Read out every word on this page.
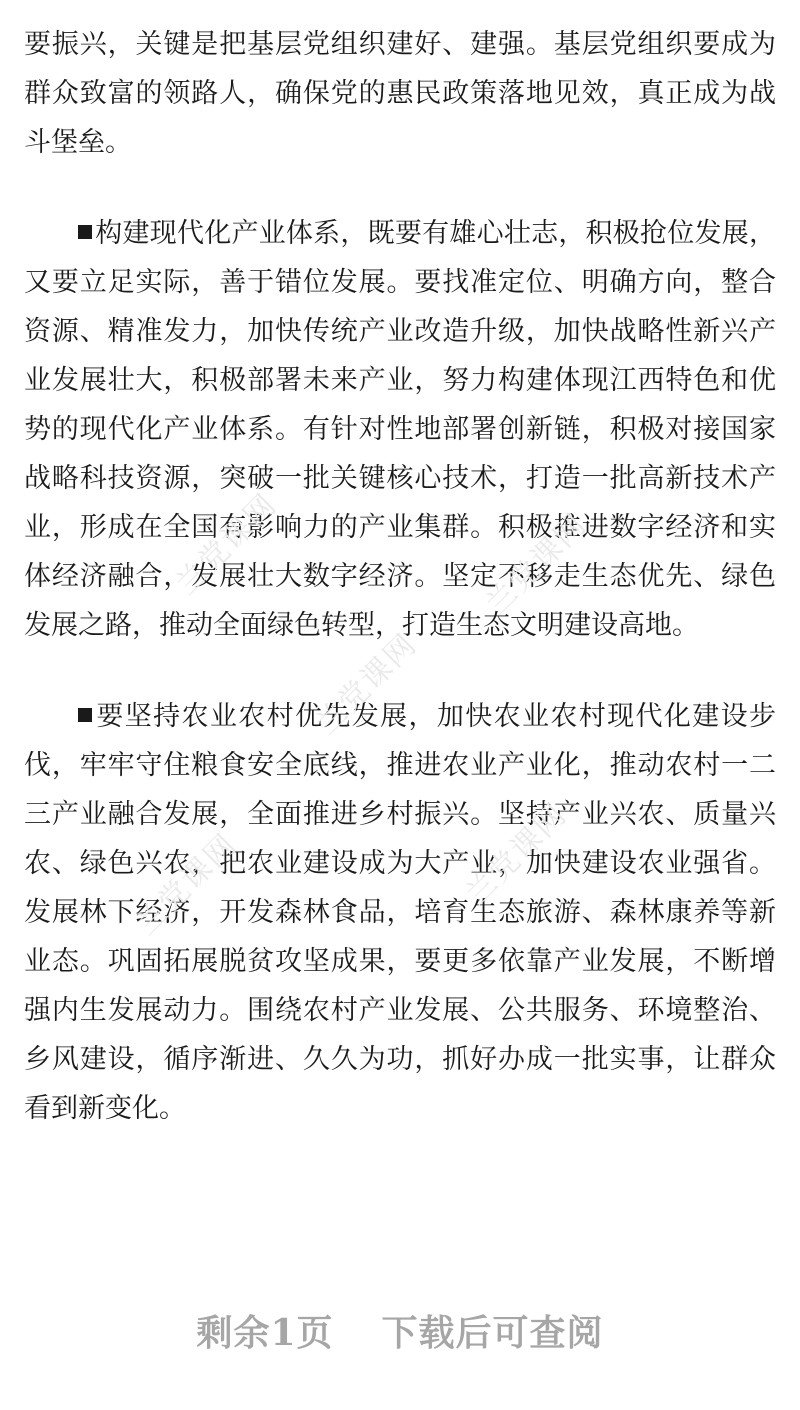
要振兴，关键是把基层党组织建好、建强。基层党组织要成为群众致富的领路人，确保党的惠民政策落地见效，真正成为战斗堡垒。

构建现代化产业体系，既要有雄心壮志，积极抢位发展，又要立足实际，善于错位发展。要找准定位、明确方向，整合资源、精准发力，加快传统产业改造升级，加快战略性新兴产业发展壮大，积极部署未来产业，努力构建体现江西特色和优势的现代化产业体系。有针对性地部署创新链，积极对接国家战略科技资源，突破一批关键核心技术，打造一批高新技术产业，形成在全国有影响力的产业集群。积极推进数字经济和实体经济融合，发展壮大数字经济。坚定不移走生态优先、绿色发展之路，推动全面绿色转型，打造生态文明建设高地。

要坚持农业农村优先发展，加快农业农村现代化建设步伐，牢牢守住粮食安全底线，推进农业产业化，推动农村一二三产业融合发展，全面推进乡村振兴。坚持产业兴农、质量兴农、绿色兴农，把农业建设成为大产业，加快建设农业强省。发展林下经济，开发森林食品，培育生态旅游、森林康养等新业态。巩固拓展脱贫攻坚成果，要更多依靠产业发展，不断增强内生发展动力。围绕农村产业发展、公共服务、环境整治、乡风建设，循序渐进、久久为功，抓好办成一批实事，让群众看到新变化。

兰党课网	兰党课网
兰党课网
兰党课网	兰党课网
剩余1页 下载后可查阅
